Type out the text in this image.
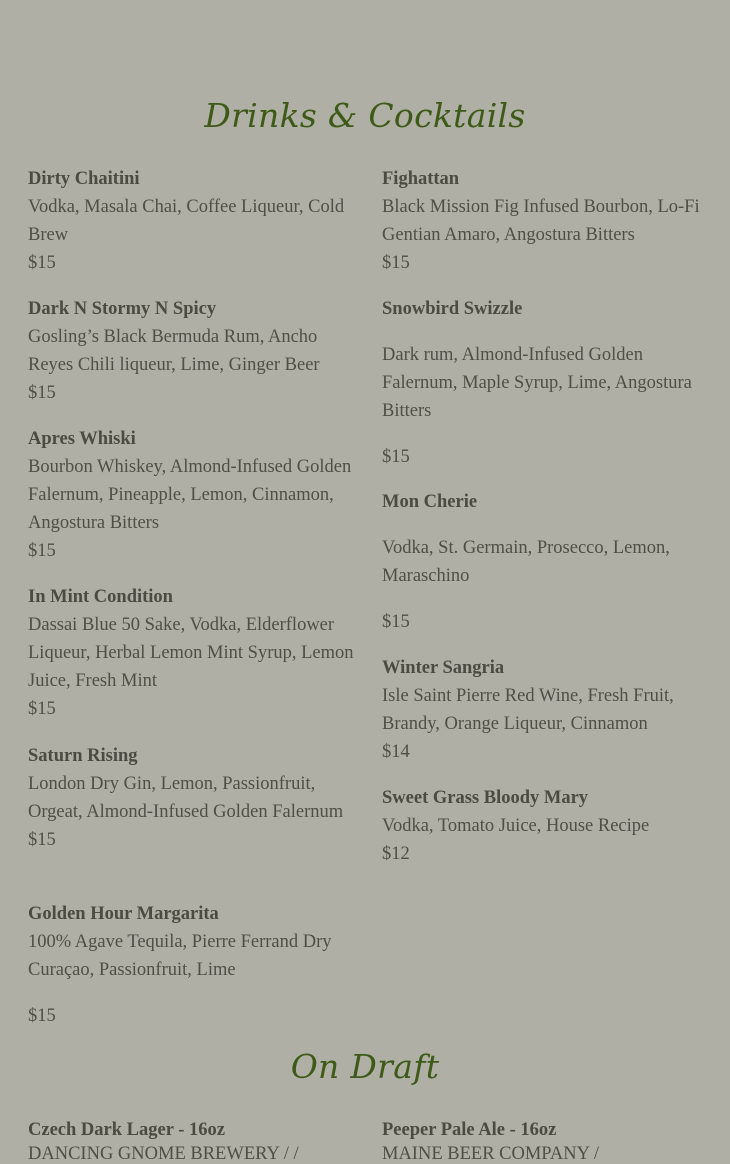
Drinks & Cocktails
Dirty Chaitini
Vodka, Masala Chai, Coffee Liqueur, Cold Brew
$15
Dark N Stormy N Spicy
Gosling’s Black Bermuda Rum, Ancho Reyes Chili liqueur, Lime, Ginger Beer
$15
Apres Whiski
Bourbon Whiskey, Almond-Infused Golden Falernum, Pineapple, Lemon, Cinnamon, Angostura Bitters
$15
In Mint Condition
Dassai Blue 50 Sake, Vodka, Elderflower Liqueur, Herbal Lemon Mint Syrup, Lemon Juice, Fresh Mint
$15
Saturn Rising
London Dry Gin, Lemon, Passionfruit, Orgeat, Almond-Infused Golden Falernum
$15
Golden Hour Margarita
100% Agave Tequila, Pierre Ferrand Dry Curaçao, Passionfruit, Lime
$15
Fighattan
Black Mission Fig Infused Bourbon, Lo-Fi Gentian Amaro, Angostura Bitters
$15
Snowbird Swizzle
Dark rum, Almond-Infused Golden Falernum, Maple Syrup, Lime, Angostura Bitters
$15
Mon Cherie
Vodka, St. Germain, Prosecco, Lemon, Maraschino
$15
Winter Sangria
Isle Saint Pierre Red Wine, Fresh Fruit, Brandy, Orange Liqueur, Cinnamon
$14
Sweet Grass Bloody Mary
Vodka, Tomato Juice, House Recipe
$12
On Draft
Czech Dark Lager - 16oz
DANCING GNOME BREWERY / /
Peeper Pale Ale - 16oz
MAINE BEER COMPANY /
